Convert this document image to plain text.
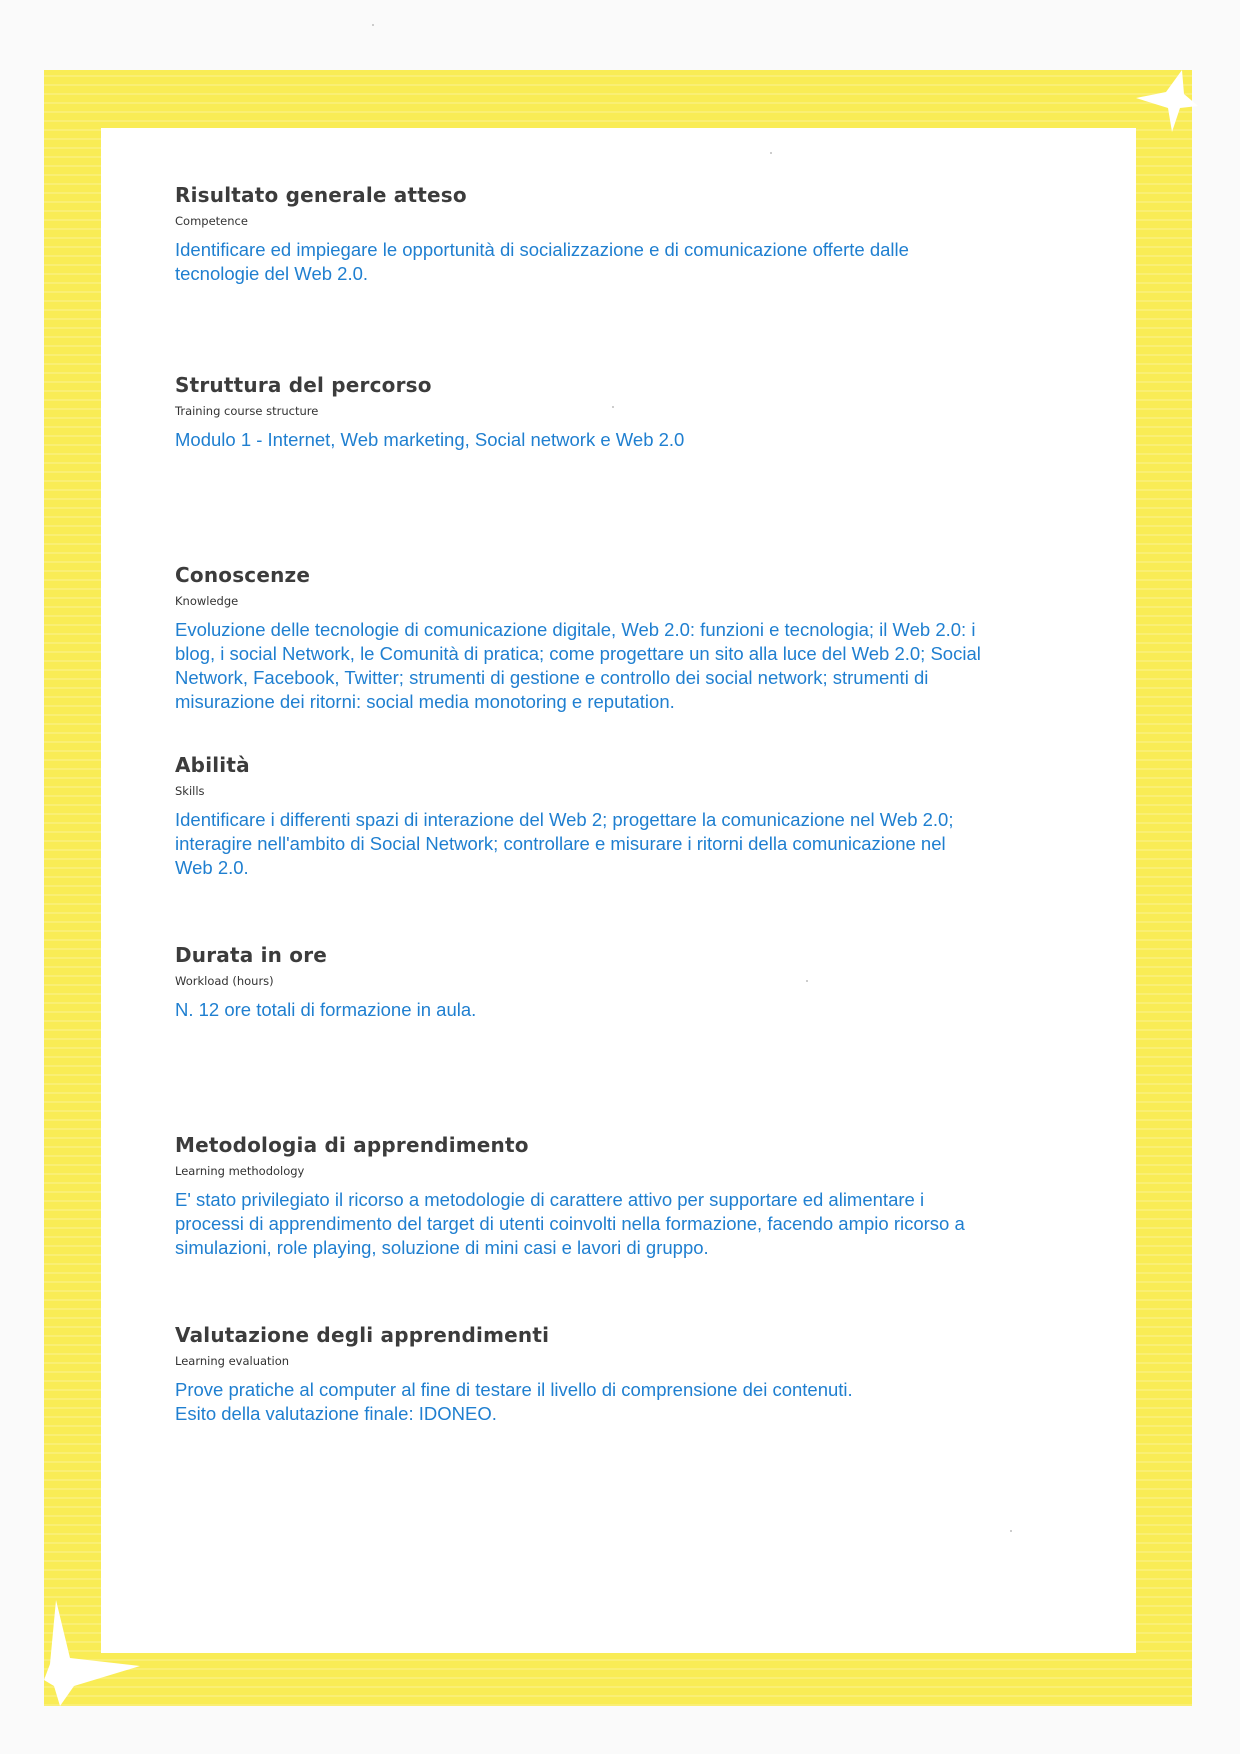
Risultato generale atteso
Competence

Identificare ed impiegare le opportunità di socializzazione e di comunicazione offerte dalle
tecnologie del Web 2.0.

Struttura del percorso
Training course structure

Modulo 1 - Internet, Web marketing, Social network e Web 2.0

Conoscenze
Knowledge

Evoluzione delle tecnologie di comunicazione digitale, Web 2.0: funzioni e tecnologia; il Web 2.0: i
blog, i social Network, le Comunità di pratica; come progettare un sito alla luce del Web 2.0; Social
Network, Facebook, Twitter; strumenti di gestione e controllo dei social network; strumenti di
misurazione dei ritorni: social media monotoring e reputation.

Abilità
Skills

Identificare i differenti spazi di interazione del Web 2; progettare la comunicazione nel Web 2.0;
interagire nell'ambito di Social Network; controllare e misurare i ritorni della comunicazione nel
Web 2.0.

Durata in ore
Workload (hours)

N. 12 ore totali di formazione in aula.

Metodologia di apprendimento
Learning methodology

E' stato privilegiato il ricorso a metodologie di carattere attivo per supportare ed alimentare i
processi di apprendimento del target di utenti coinvolti nella formazione, facendo ampio ricorso a
simulazioni, role playing, soluzione di mini casi e lavori di gruppo.

Valutazione degli apprendimenti
Learning evaluation

Prove pratiche al computer al fine di testare il livello di comprensione dei contenuti.
Esito della valutazione finale: IDONEO.
